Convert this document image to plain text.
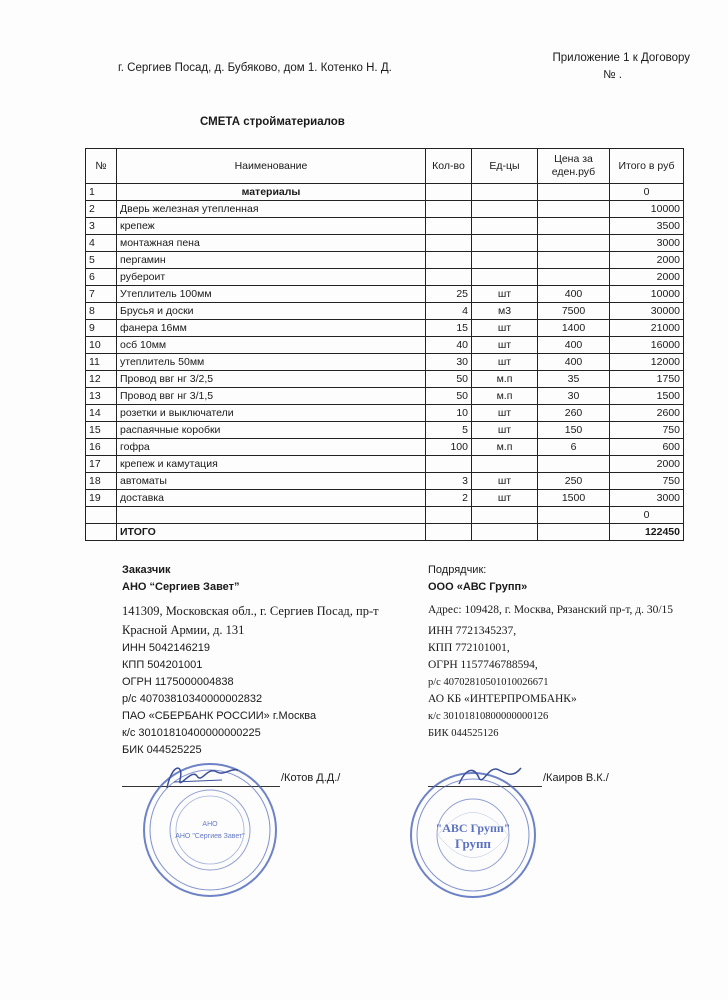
г. Сергиев Посад, д. Бубяково, дом 1. Котенко Н. Д.
Приложение 1 к Договору
№ .
СМЕТА стройматериалов
№	Наименование	Кол-во	Ед-цы	Цена за еден.руб	Итого в руб
1	материалы				0
2	Дверь железная утепленная				10000
3	крепеж				3500
4	монтажная пена				3000
5	пергамин				2000
6	рубероит				2000
7	Утеплитель 100мм	25	шт	400	10000
8	Брусья и доски	4	м3	7500	30000
9	фанера 16мм	15	шт	1400	21000
10	осб 10мм	40	шт	400	16000
11	утеплитель 50мм	30	шт	400	12000
12	Провод ввг нг 3/2,5	50	м.п	35	1750
13	Провод ввг нг 3/1,5	50	м.п	30	1500
14	розетки и выключатели	10	шт	260	2600
15	распаячные коробки	5	шт	150	750
16	гофра	100	м.п	6	600
17	крепеж и камутация				2000
18	автоматы	3	шт	250	750
19	доставка	2	шт	1500	3000
					0
	ИТОГО				122450
Заказчик
АНО “Сергиев Завет”
141309, Московская обл., г. Сергиев Посад, пр-т Красной Армии, д. 131
ИНН 5042146219
КПП 504201001
ОГРН 1175000004838
р/с 40703810340000002832
ПАО «СБЕРБАНК РОССИИ» г.Москва
к/с 30101810400000000225
БИК 044525225
Подрядчик:
ООО «АВС Групп»
Адрес: 109428, г. Москва, Рязанский пр-т, д. 30/15
ИНН 7721345237,
КПП 772101001,
ОГРН 1157746788594,
р/с 40702810501010026671
АО КБ «ИНТЕРПРОМБАНК»
к/с 30101810800000000126
БИК 044525126
/Котов Д.Д./	/Каиров В.К./
АНО
АНО "Сергиев Завет"
"АВС Групп"
Групп
